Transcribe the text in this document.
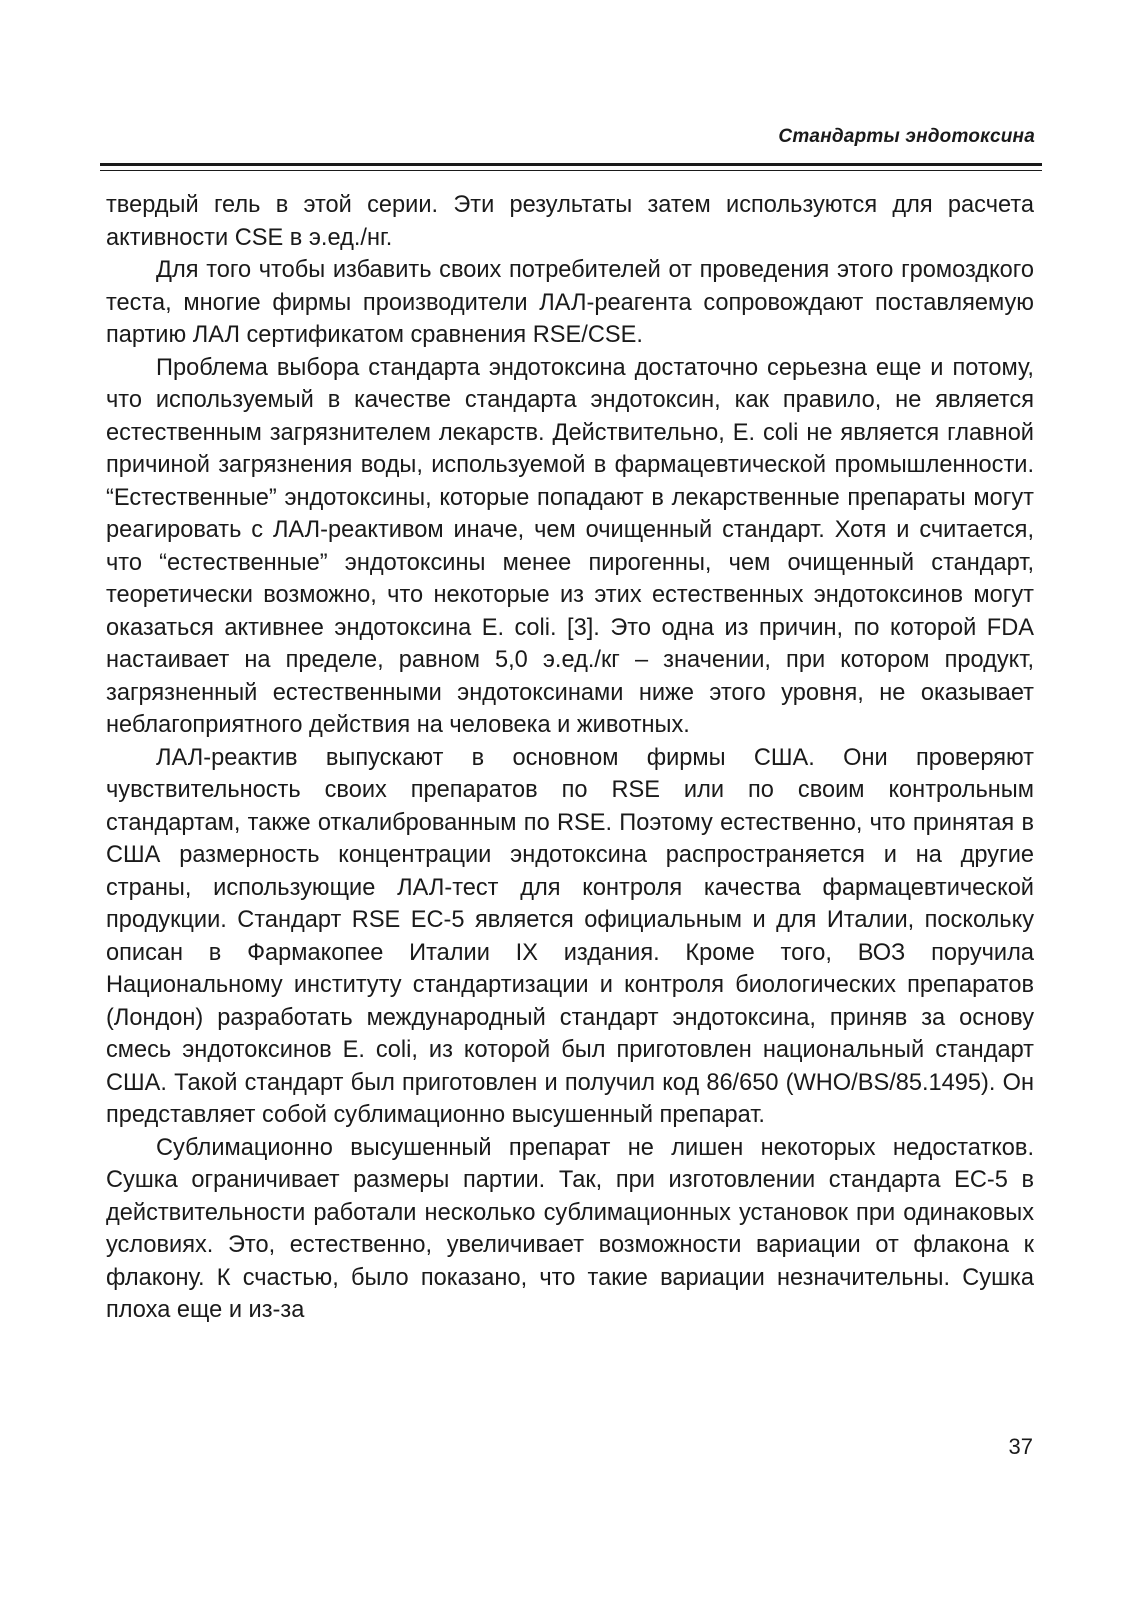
Стандарты эндотоксина

твердый гель в этой серии. Эти результаты затем используются для расчета активности CSE в э.ед./нг.

Для того чтобы избавить своих потребителей от проведения этого громоздкого теста, многие фирмы производители ЛАЛ-реагента сопровождают поставляемую партию ЛАЛ сертификатом сравнения RSE/CSE.

Проблема выбора стандарта эндотоксина достаточно серьезна еще и потому, что используемый в качестве стандарта эндотоксин, как правило, не является естественным загрязнителем лекарств. Действительно, E. coli не является главной причиной загрязнения воды, используемой в фармацевтической промышленности. “Естественные” эндотоксины, которые попадают в лекарственные препараты могут реагировать с ЛАЛ-реактивом иначе, чем очищенный стандарт. Хотя и считается, что “естественные” эндотоксины менее пирогенны, чем очищенный стандарт, теоретически возможно, что некоторые из этих естественных эндотоксинов могут оказаться активнее эндотоксина E. coli. [3]. Это одна из причин, по которой FDA настаивает на пределе, равном 5,0 э.ед./кг – значении, при котором продукт, загрязненный естественными эндотоксинами ниже этого уровня, не оказывает неблагоприятного действия на человека и животных.

ЛАЛ-реактив выпускают в основном фирмы США. Они проверяют чувствительность своих препаратов по RSE или по своим контрольным стандартам, также откалиброванным по RSE. Поэтому естественно, что принятая в США размерность концентрации эндотоксина распространяется и на другие страны, использующие ЛАЛ-тест для контроля качества фармацевтической продукции. Стандарт RSE EC-5 является официальным и для Италии, поскольку описан в Фармакопее Италии IX издания. Кроме того, ВОЗ поручила Национальному институту стандартизации и контроля биологических препаратов (Лондон) разработать международный стандарт эндотоксина, приняв за основу смесь эндотоксинов E. coli, из которой был приготовлен национальный стандарт США. Такой стандарт был приготовлен и получил код 86/650 (WHO/BS/85.1495). Он представляет собой сублимационно высушенный препарат.

Сублимационно высушенный препарат не лишен некоторых недостатков. Сушка ограничивает размеры партии. Так, при изготовлении стандарта EC-5 в действительности работали несколько сублимационных установок при одинаковых условиях. Это, естественно, увеличивает возможности вариации от флакона к флакону. К счастью, было показано, что такие вариации незначительны. Сушка плоха еще и из-за

37
